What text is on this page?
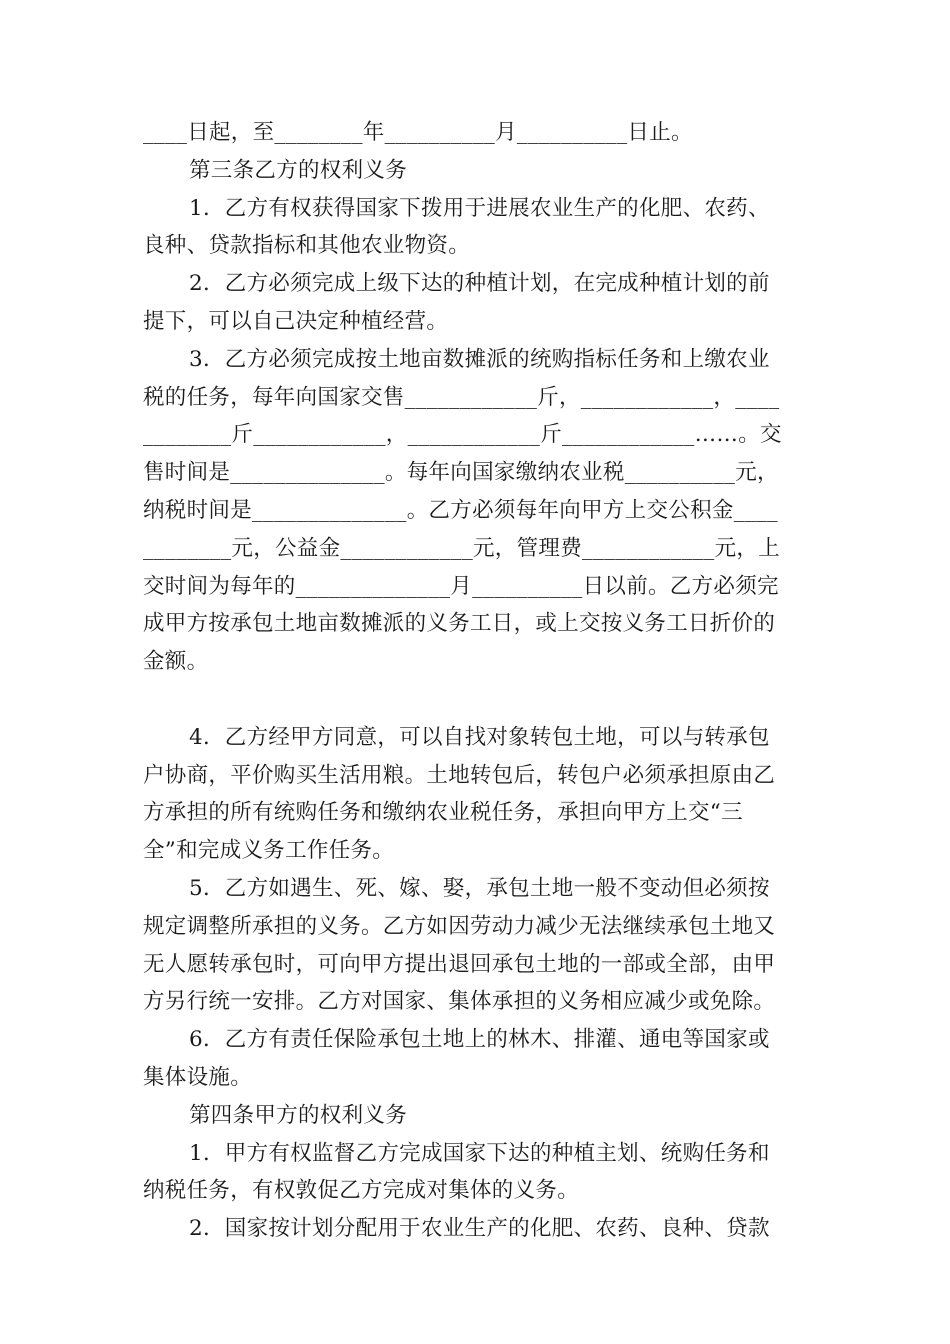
____日起，至________年__________月__________日止。
第三条乙方的权利义务
1．乙方有权获得国家下拨用于进展农业生产的化肥、农药、
良种、贷款指标和其他农业物资。
2．乙方必须完成上级下达的种植计划，在完成种植计划的前
提下，可以自己决定种植经营。
3．乙方必须完成按土地亩数摊派的统购指标任务和上缴农业
税的任务，每年向国家交售____________斤，____________，____
________斤____________，____________斤____________……。交
售时间是______________。每年向国家缴纳农业税__________元，
纳税时间是______________。乙方必须每年向甲方上交公积金____
________元，公益金____________元，管理费____________元，上
交时间为每年的______________月__________日以前。乙方必须完
成甲方按承包土地亩数摊派的义务工日，或上交按义务工日折价的
金额。
4．乙方经甲方同意，可以自找对象转包土地，可以与转承包
户协商，平价购买生活用粮。土地转包后，转包户必须承担原由乙
方承担的所有统购任务和缴纳农业税任务，承担向甲方上交“三
全”和完成义务工作任务。
5．乙方如遇生、死、嫁、娶，承包土地一般不变动但必须按
规定调整所承担的义务。乙方如因劳动力减少无法继续承包土地又
无人愿转承包时，可向甲方提出退回承包土地的一部或全部，由甲
方另行统一安排。乙方对国家、集体承担的义务相应减少或免除。
6．乙方有责任保险承包土地上的林木、排灌、通电等国家或
集体设施。
第四条甲方的权利义务
1．甲方有权监督乙方完成国家下达的种植主划、统购任务和
纳税任务，有权敦促乙方完成对集体的义务。
2．国家按计划分配用于农业生产的化肥、农药、良种、贷款
